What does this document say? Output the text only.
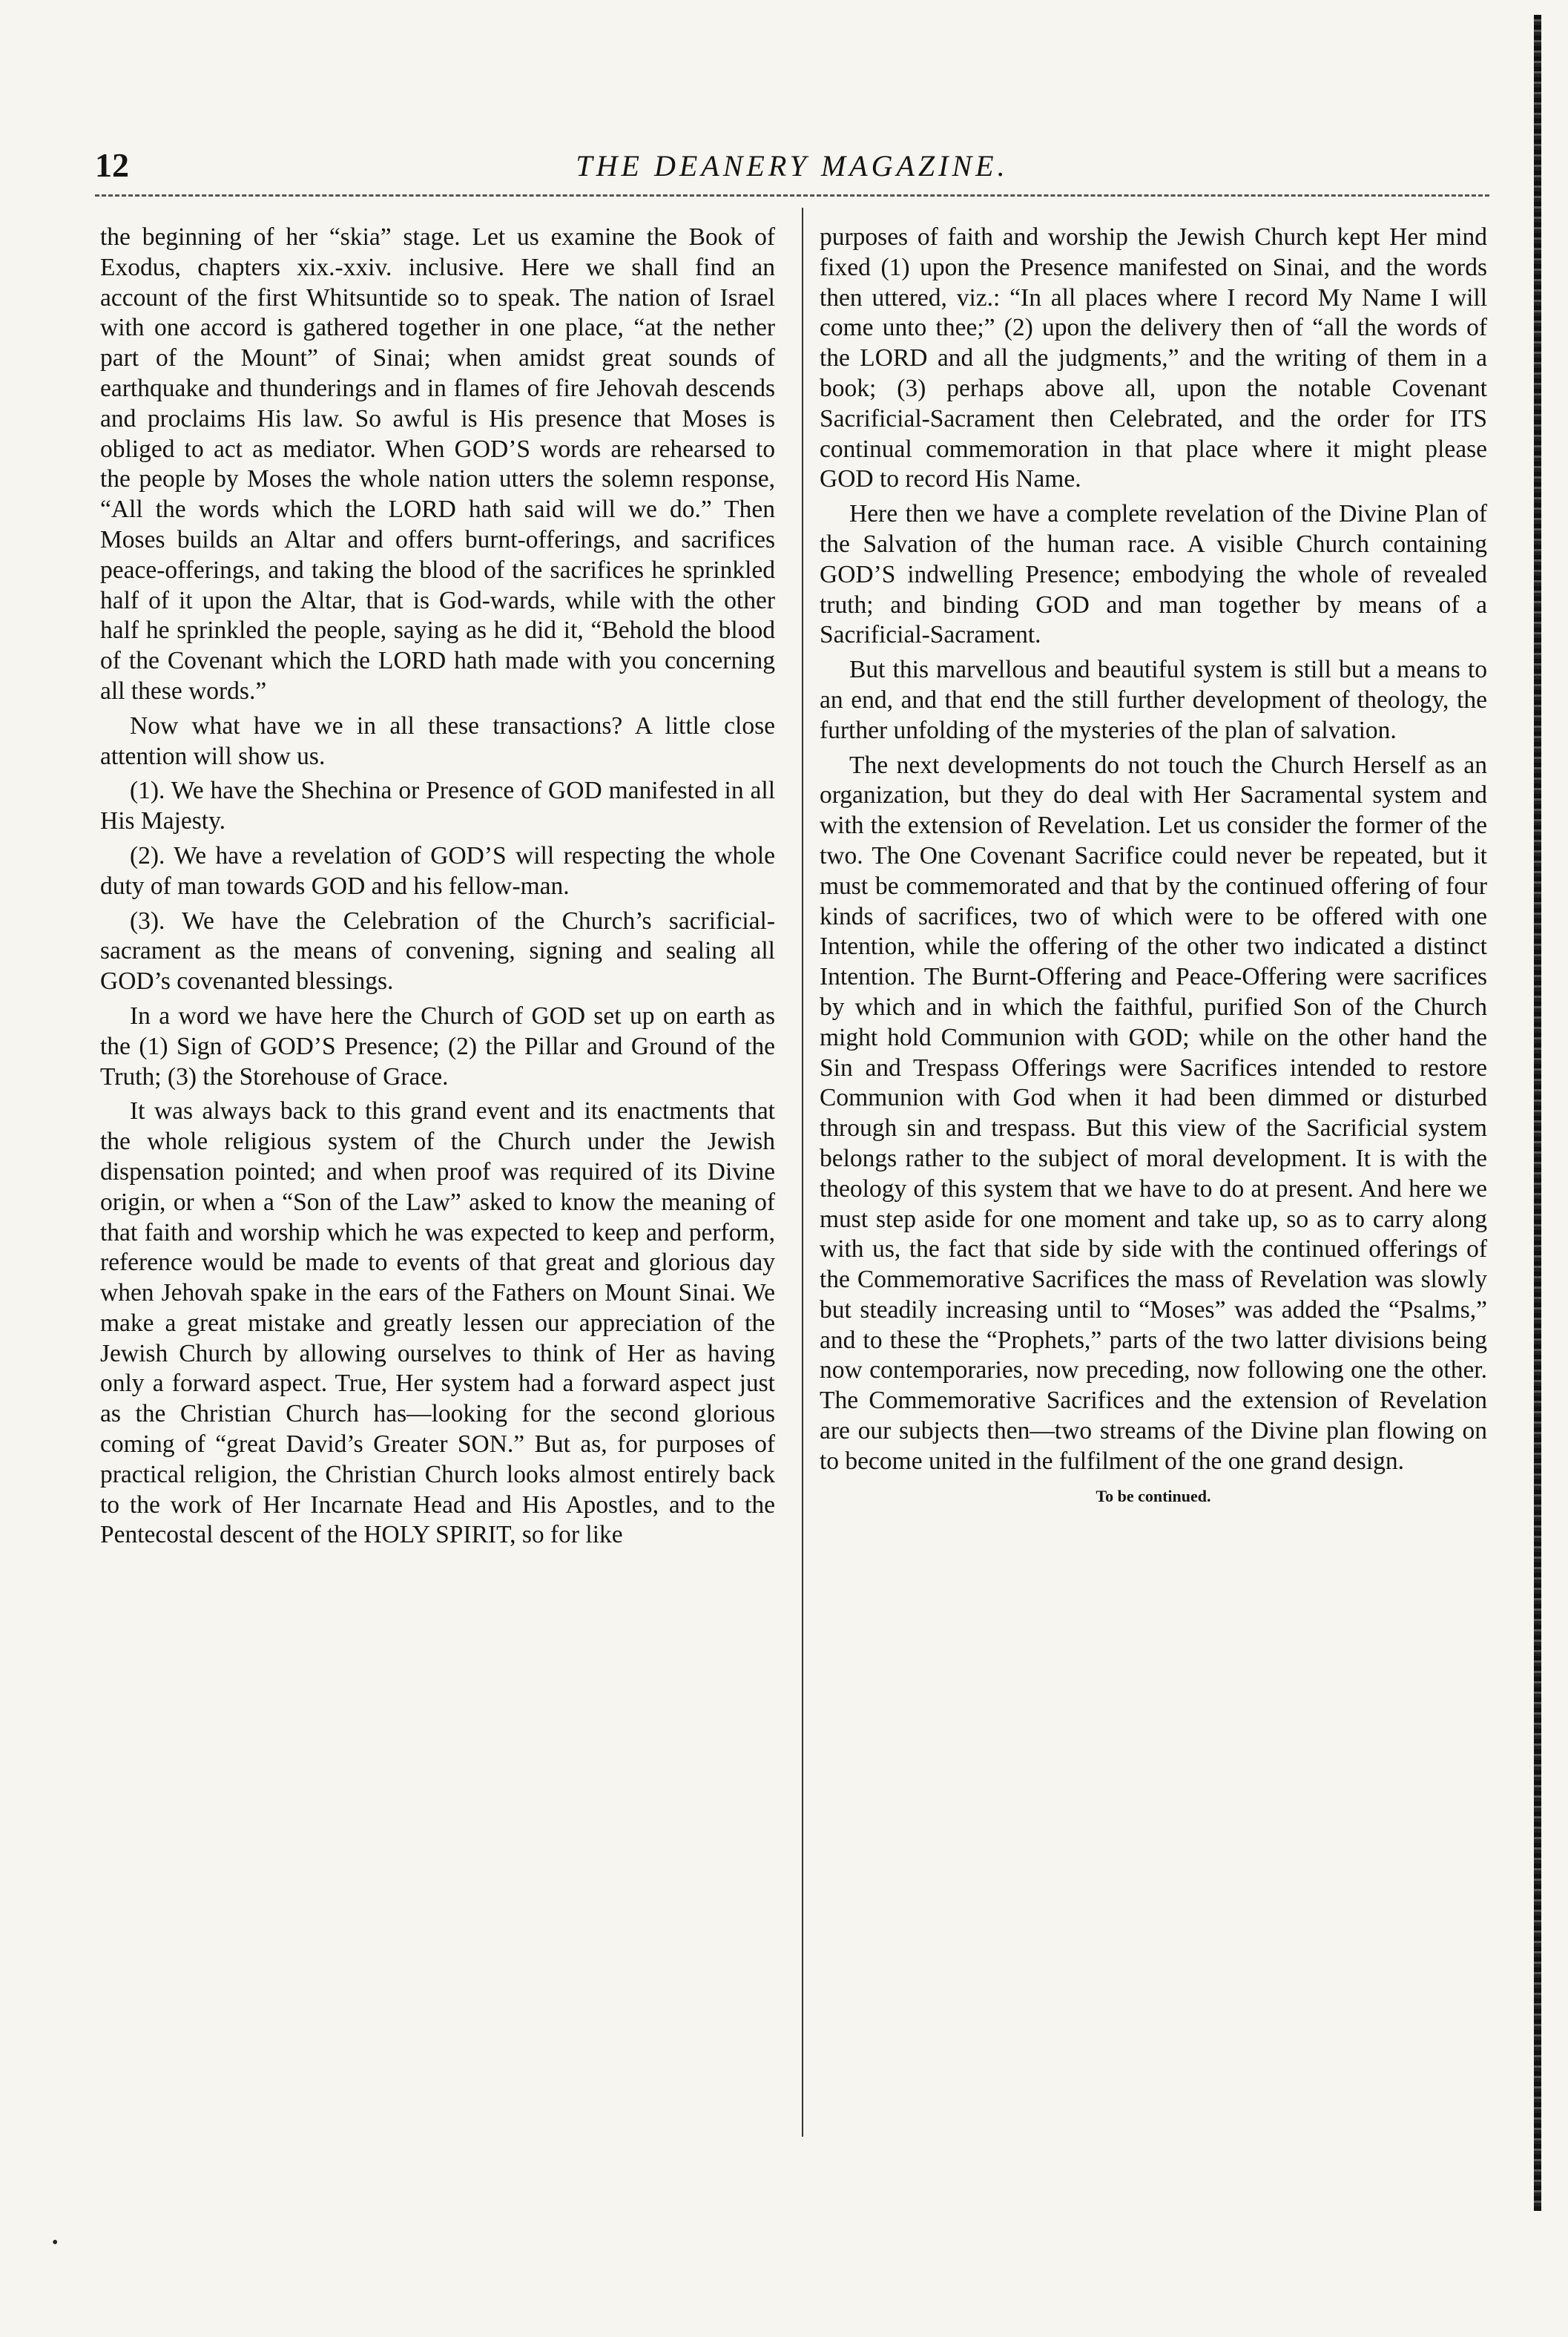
12	THE DEANERY MAGAZINE.

the beginning of her “skia” stage. Let us examine the Book of Exodus, chapters xix.-xxiv. inclusive. Here we shall find an account of the first Whitsuntide so to speak. The nation of Israel with one accord is gathered together in one place, “at the nether part of the Mount” of Sinai; when amidst great sounds of earthquake and thunderings and in flames of fire Jehovah descends and proclaims His law. So awful is His presence that Moses is obliged to act as mediator. When GOD’S words are rehearsed to the people by Moses the whole nation utters the solemn response, “All the words which the LORD hath said will we do.” Then Moses builds an Altar and offers burnt-offerings, and sacrifices peace-offerings, and taking the blood of the sacrifices he sprinkled half of it upon the Altar, that is God-wards, while with the other half he sprinkled the people, saying as he did it, “Behold the blood of the Covenant which the LORD hath made with you concerning all these words.”

Now what have we in all these transactions? A little close attention will show us.

(1). We have the Shechina or Presence of GOD manifested in all His Majesty.

(2). We have a revelation of GOD’S will respecting the whole duty of man towards GOD and his fellow-man.

(3). We have the Celebration of the Church’s sacrificial-sacrament as the means of convening, signing and sealing all GOD’s covenanted blessings.

In a word we have here the Church of GOD set up on earth as the (1) Sign of GOD’S Presence; (2) the Pillar and Ground of the Truth; (3) the Storehouse of Grace.

It was always back to this grand event and its enactments that the whole religious system of the Church under the Jewish dispensation pointed; and when proof was required of its Divine origin, or when a “Son of the Law” asked to know the meaning of that faith and worship which he was expected to keep and perform, reference would be made to events of that great and glorious day when Jehovah spake in the ears of the Fathers on Mount Sinai. We make a great mistake and greatly lessen our appreciation of the Jewish Church by allowing ourselves to think of Her as having only a forward aspect. True, Her system had a forward aspect just as the Christian Church has—looking for the second glorious coming of “great David’s Greater SON.” But as, for purposes of practical religion, the Christian Church looks almost entirely back to the work of Her Incarnate Head and His Apostles, and to the Pentecostal descent of the HOLY SPIRIT, so for like

purposes of faith and worship the Jewish Church kept Her mind fixed (1) upon the Presence manifested on Sinai, and the words then uttered, viz.: “In all places where I record My Name I will come unto thee;” (2) upon the delivery then of “all the words of the LORD and all the judgments,” and the writing of them in a book; (3) perhaps above all, upon the notable Covenant Sacrificial-Sacrament then Celebrated, and the order for ITS continual commemoration in that place where it might please GOD to record His Name.

Here then we have a complete revelation of the Divine Plan of the Salvation of the human race. A visible Church containing GOD’S indwelling Presence; embodying the whole of revealed truth; and binding GOD and man together by means of a Sacrificial-Sacrament.

But this marvellous and beautiful system is still but a means to an end, and that end the still further development of theology, the further unfolding of the mysteries of the plan of salvation.

The next developments do not touch the Church Herself as an organization, but they do deal with Her Sacramental system and with the extension of Revelation. Let us consider the former of the two. The One Covenant Sacrifice could never be repeated, but it must be commemorated and that by the continued offering of four kinds of sacrifices, two of which were to be offered with one Intention, while the offering of the other two indicated a distinct Intention. The Burnt-Offering and Peace-Offering were sacrifices by which and in which the faithful, purified Son of the Church might hold Communion with GOD; while on the other hand the Sin and Trespass Offerings were Sacrifices intended to restore Communion with God when it had been dimmed or disturbed through sin and trespass. But this view of the Sacrificial system belongs rather to the subject of moral development. It is with the theology of this system that we have to do at present. And here we must step aside for one moment and take up, so as to carry along with us, the fact that side by side with the continued offerings of the Commemorative Sacrifices the mass of Revelation was slowly but steadily increasing until to “Moses” was added the “Psalms,” and to these the “Prophets,” parts of the two latter divisions being now contemporaries, now preceding, now following one the other. The Commemorative Sacrifices and the extension of Revelation are our subjects then—two streams of the Divine plan flowing on to become united in the fulfilment of the one grand design.

To be continued.

•
